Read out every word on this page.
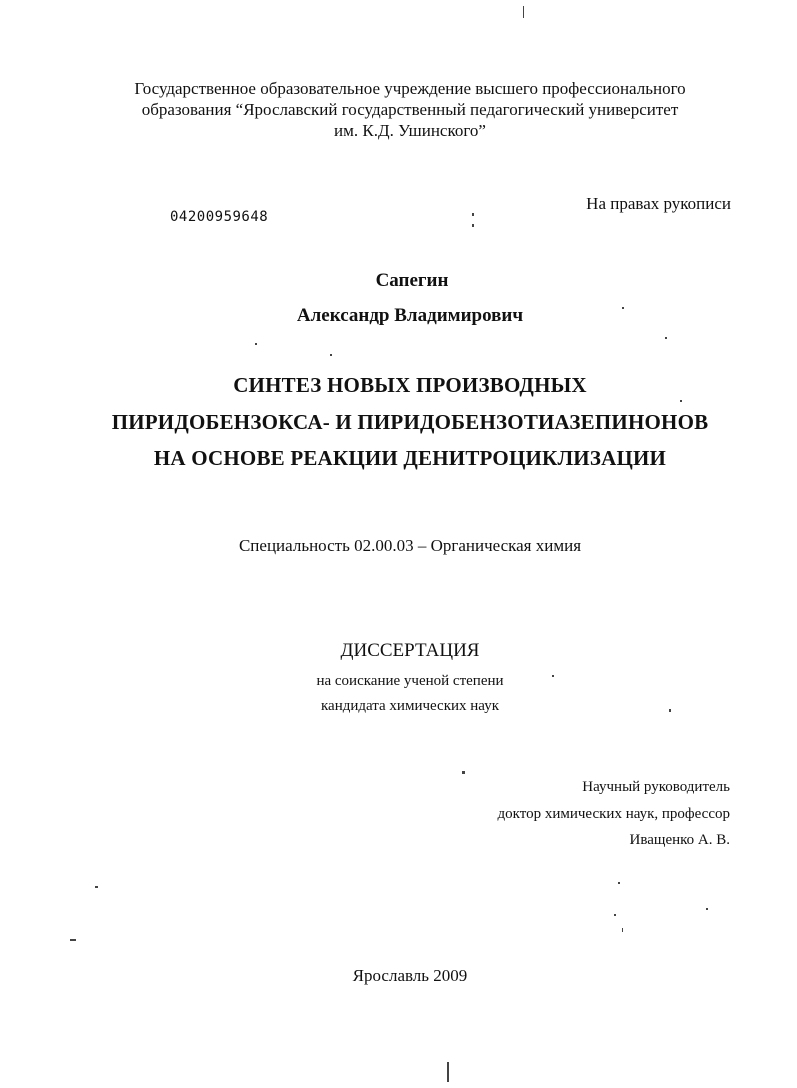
Государственное образовательное учреждение высшего профессионального
образования “Ярославский государственный педагогический университет
им. К.Д. Ушинского”
На правах рукописи
04200959648
Сапегин
Александр Владимирович
СИНТЕЗ НОВЫХ ПРОИЗВОДНЫХ
ПИРИДОБЕНЗОКСА- И ПИРИДОБЕНЗОТИАЗЕПИНОНОВ
НА ОСНОВЕ РЕАКЦИИ ДЕНИТРОЦИКЛИЗАЦИИ
Специальность 02.00.03 – Органическая химия
ДИССЕРТАЦИЯ
на соискание ученой степени
кандидата химических наук
Научный руководитель
доктор химических наук, профессор
Иващенко А. В.
Ярославль 2009
